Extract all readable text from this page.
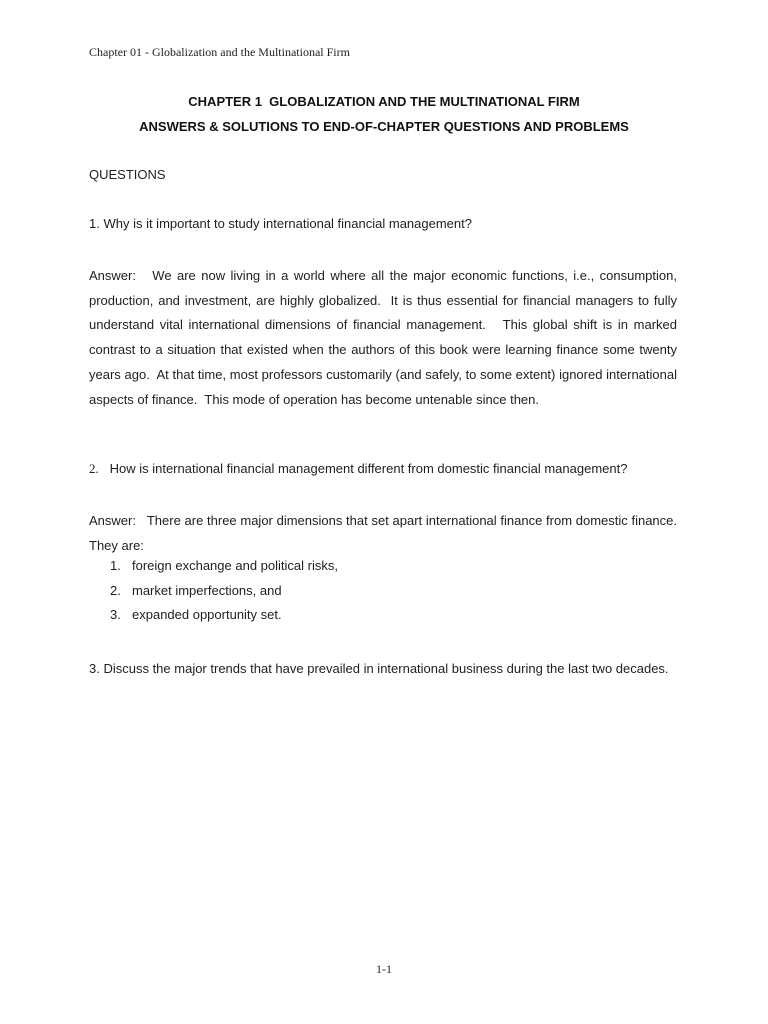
Chapter 01 - Globalization and the Multinational Firm
CHAPTER 1  GLOBALIZATION AND THE MULTINATIONAL FIRM
ANSWERS & SOLUTIONS TO END-OF-CHAPTER QUESTIONS AND PROBLEMS
QUESTIONS
1. Why is it important to study international financial management?
Answer:   We are now living in a world where all the major economic functions, i.e., consumption, production, and investment, are highly globalized.  It is thus essential for financial managers to fully understand vital international dimensions of financial management.   This global shift is in marked contrast to a situation that existed when the authors of this book were learning finance some twenty years ago.  At that time, most professors customarily (and safely, to some extent) ignored international aspects of finance.  This mode of operation has become untenable since then.
2. How is international financial management different from domestic financial management?
Answer:   There are three major dimensions that set apart international finance from domestic finance. They are:
1. foreign exchange and political risks,
2. market imperfections, and
3. expanded opportunity set.
3. Discuss the major trends that have prevailed in international business during the last two decades.
1-1
